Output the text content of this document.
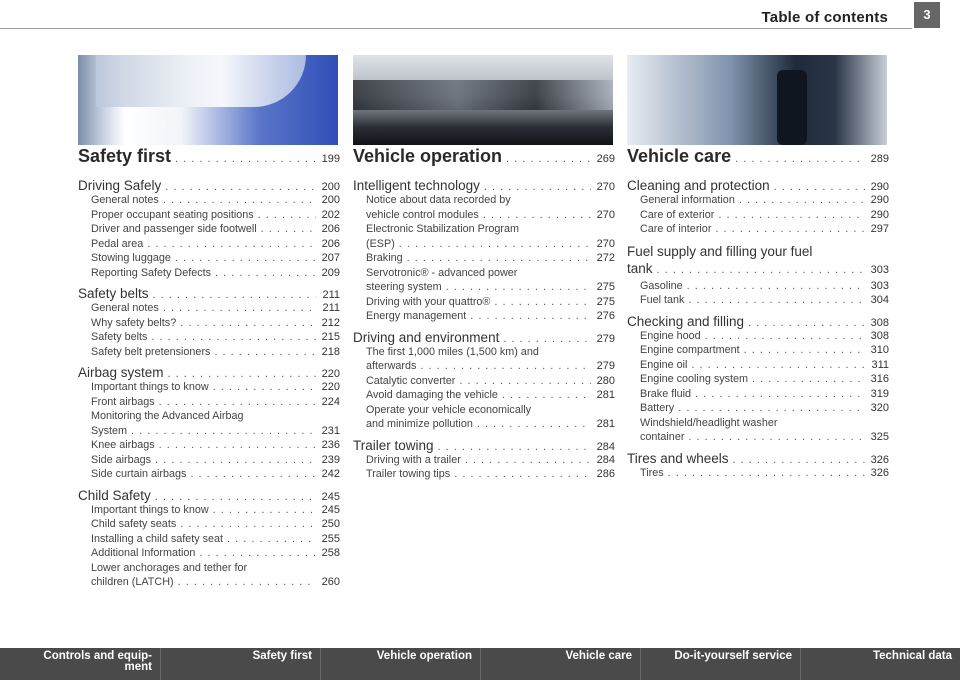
Table of contents	3
Safety first . . .	199
Driving Safely . . .	200
General notes . . .	200
Proper occupant seating positions . . .	202
Driver and passenger side footwell . . .	206
Pedal area . . .	206
Stowing luggage . . .	207
Reporting Safety Defects . . .	209
Safety belts . . .	211
General notes . . .	211
Why safety belts? . . .	212
Safety belts . . .	215
Safety belt pretensioners . . .	218
Airbag system . . .	220
Important things to know . . .	220
Front airbags . . .	224
Monitoring the Advanced Airbag
System . . .	231
Knee airbags . . .	236
Side airbags . . .	239
Side curtain airbags . . .	242
Child Safety . . .	245
Important things to know . . .	245
Child safety seats . . .	250
Installing a child safety seat . . .	255
Additional Information . . .	258
Lower anchorages and tether for
children (LATCH) . . .	260
Vehicle operation . . .	269
Intelligent technology . . .	270
Notice about data recorded by
vehicle control modules . . .	270
Electronic Stabilization Program
(ESP) . . .	270
Braking . . .	272
Servotronic® - advanced power
steering system . . .	275
Driving with your quattro® . . .	275
Energy management . . .	276
Driving and environment . . .	279
The first 1,000 miles (1,500 km) and
afterwards . . .	279
Catalytic converter . . .	280
Avoid damaging the vehicle . . .	281
Operate your vehicle economically
and minimize pollution . . .	281
Trailer towing . . .	284
Driving with a trailer . . .	284
Trailer towing tips . . .	286
Vehicle care . . .	289
Cleaning and protection . . .	290
General information . . .	290
Care of exterior . . .	290
Care of interior . . .	297
Fuel supply and filling your fuel
tank . . .	303
Gasoline . . .	303
Fuel tank . . .	304
Checking and filling . . .	308
Engine hood . . .	308
Engine compartment . . .	310
Engine oil . . .	311
Engine cooling system . . .	316
Brake fluid . . .	319
Battery . . .	320
Windshield/headlight washer
container . . .	325
Tires and wheels . . .	326
Tires . . .	326
Controls and equip-
ment
Safety first	Vehicle operation	Vehicle care	Do-it-yourself service	Technical data
